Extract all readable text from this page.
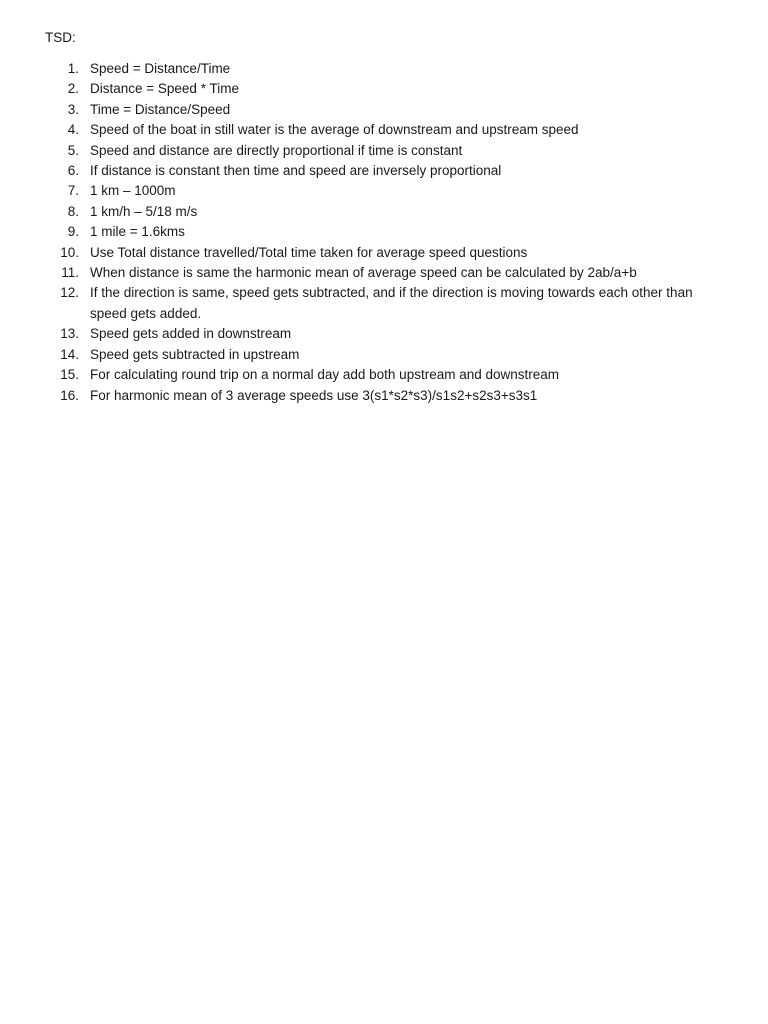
TSD:

1. Speed = Distance/Time
2. Distance = Speed * Time
3. Time = Distance/Speed
4. Speed of the boat in still water is the average of downstream and upstream speed
5. Speed and distance are directly proportional if time is constant
6. If distance is constant then time and speed are inversely proportional
7. 1 km – 1000m
8. 1 km/h – 5/18 m/s
9. 1 mile = 1.6kms
10. Use Total distance travelled/Total time taken for average speed questions
11. When distance is same the harmonic mean of average speed can be calculated by 2ab/a+b
12. If the direction is same, speed gets subtracted, and if the direction is moving towards each other than speed gets added.
13. Speed gets added in downstream
14. Speed gets subtracted in upstream
15. For calculating round trip on a normal day add both upstream and downstream
16. For harmonic mean of 3 average speeds use 3(s1*s2*s3)/s1s2+s2s3+s3s1
